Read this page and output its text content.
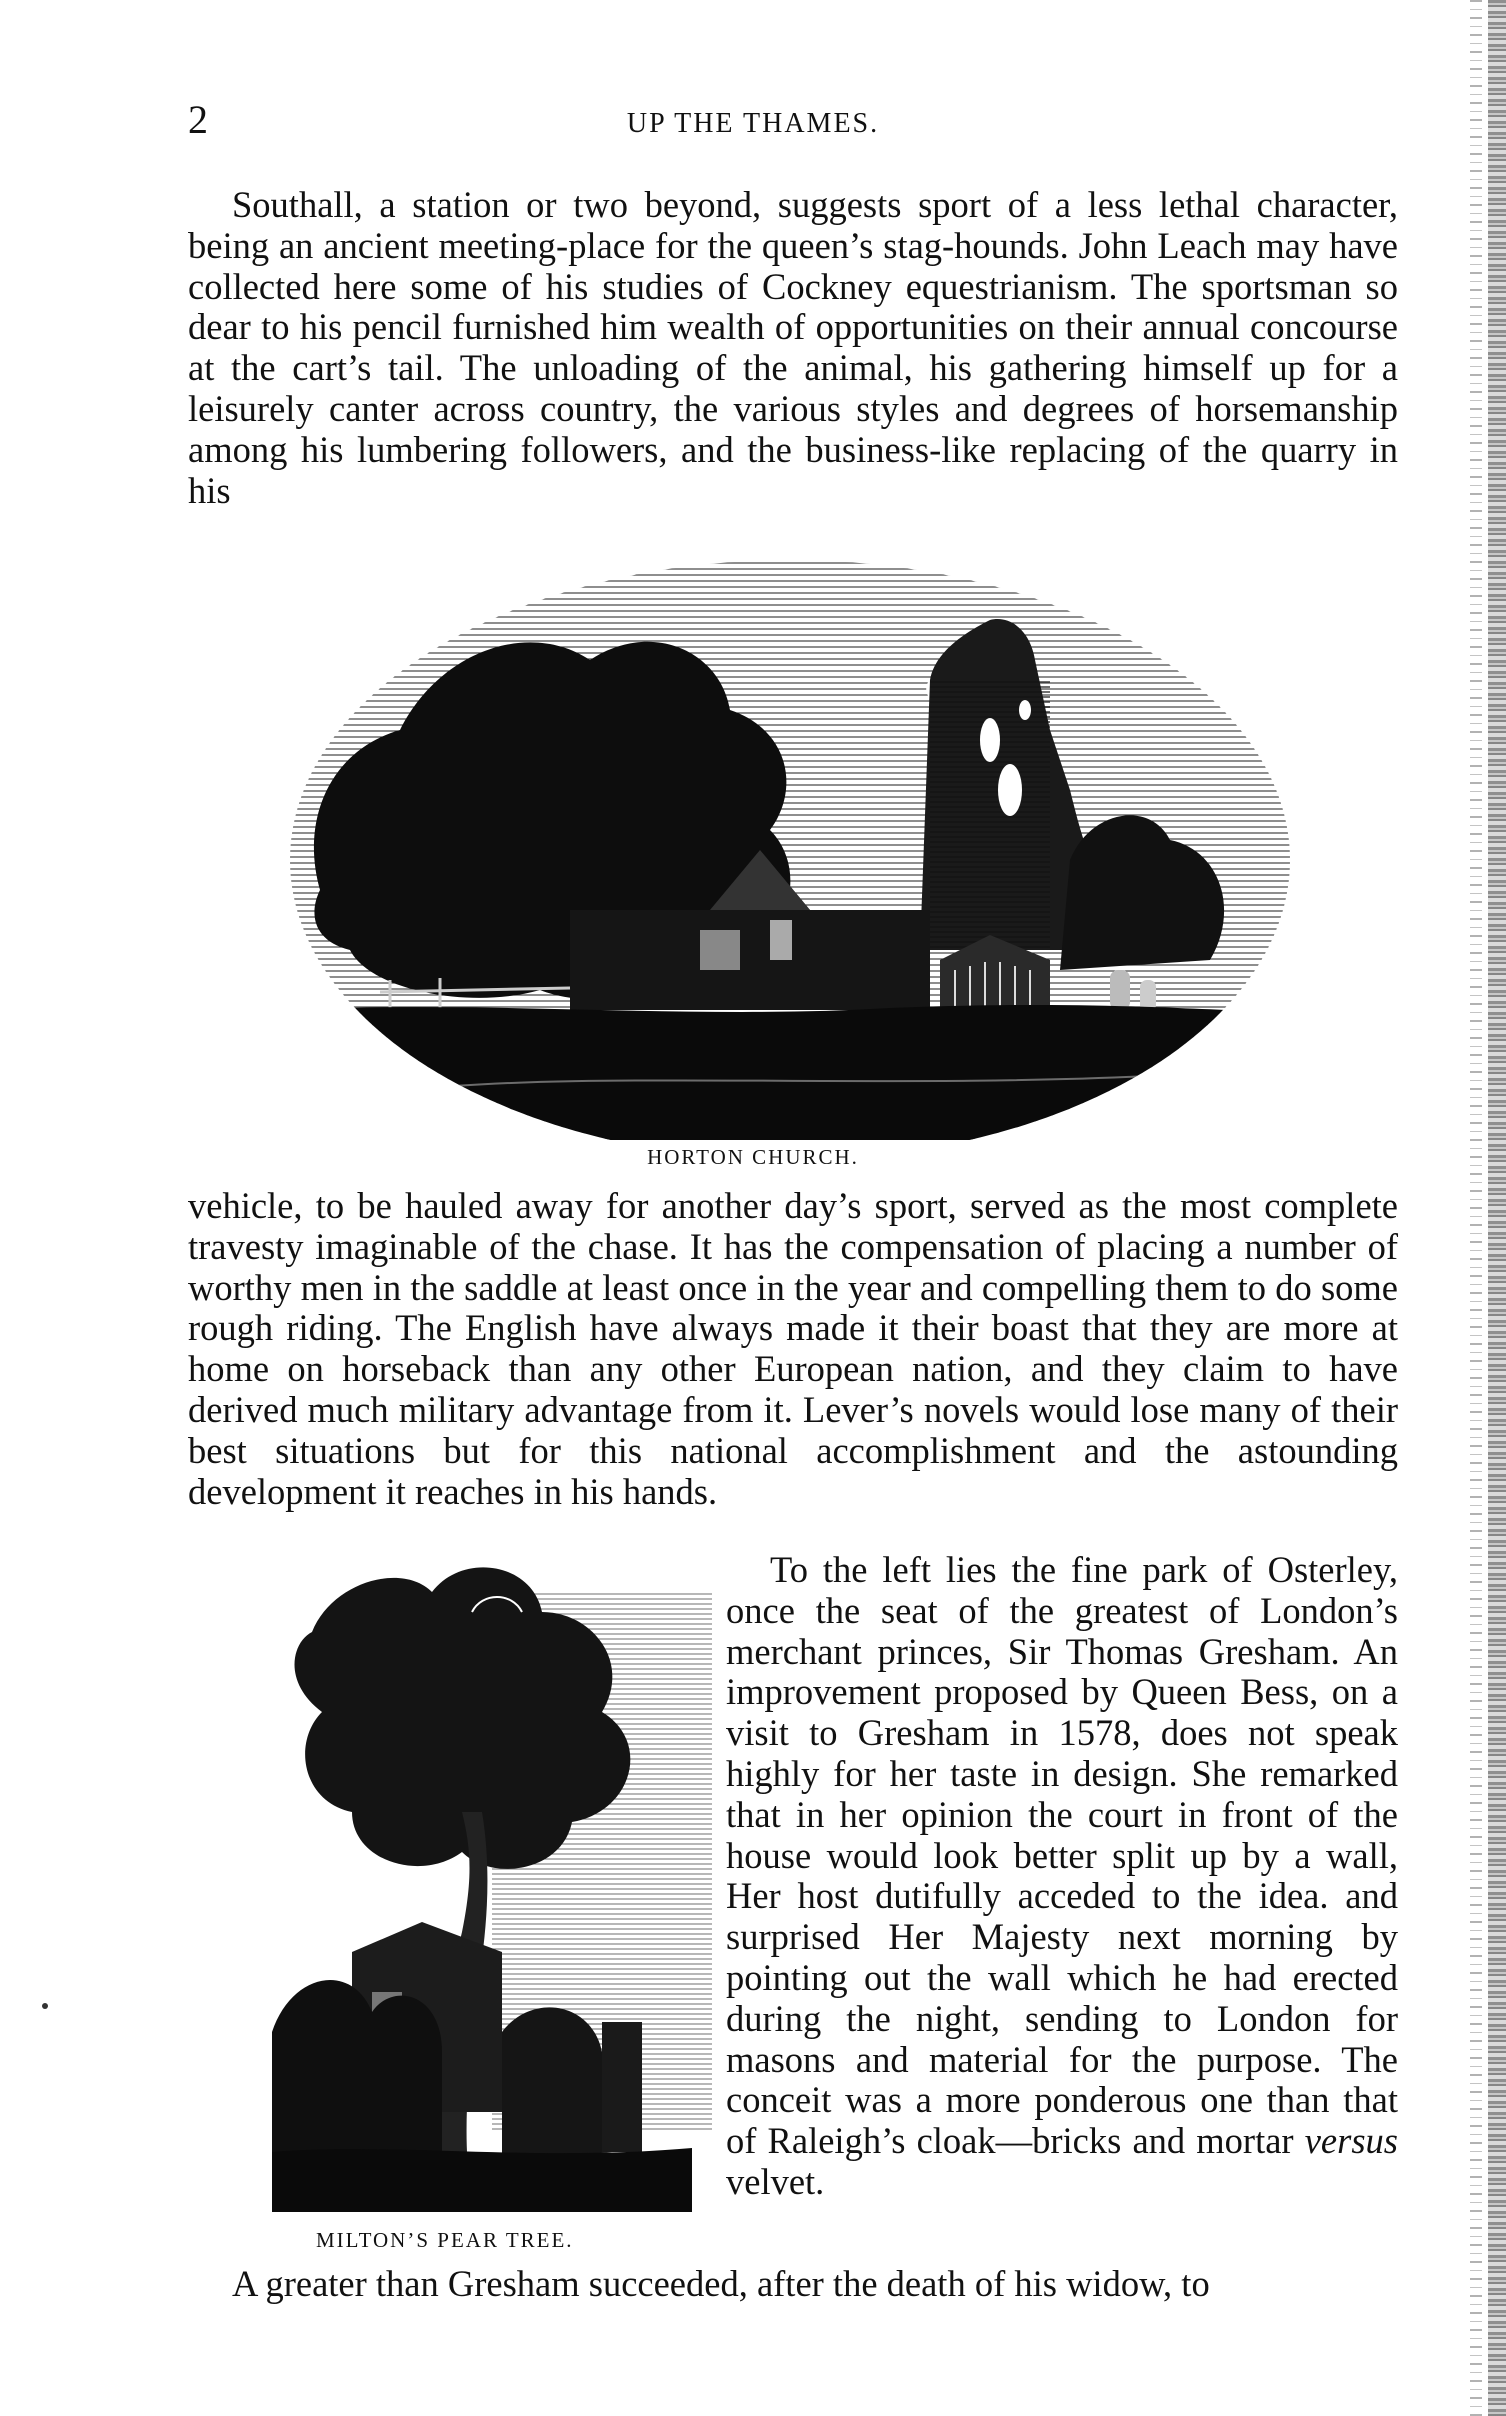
2	UP THE THAMES.

Southall, a station or two beyond, suggests sport of a less lethal character, being an ancient meeting-place for the queen’s stag-hounds. John Leach may have collected here some of his studies of Cockney equestrianism. The sportsman so dear to his pencil furnished him wealth of opportunities on their annual concourse at the cart’s tail. The unloading of the animal, his gathering himself up for a leisurely canter across country, the various styles and degrees of horsemanship among his lumbering followers, and the business-like replacing of the quarry in his

HORTON CHURCH.

vehicle, to be hauled away for another day’s sport, served as the most complete travesty imaginable of the chase. It has the compensation of placing a number of worthy men in the saddle at least once in the year and compelling them to do some rough riding. The English have always made it their boast that they are more at home on horseback than any other European nation, and they claim to have derived much military advantage from it. Lever’s novels would lose many of their best situations but for this national accomplishment and the astounding development it reaches in his hands.

MILTON’S PEAR TREE.

To the left lies the fine park of Osterley, once the seat of the greatest of London’s merchant princes, Sir Thomas Gresham. An improvement proposed by Queen Bess, on a visit to Gresham in 1578, does not speak highly for her taste in design. She remarked that in her opinion the court in front of the house would look better split up by a wall, Her host dutifully acceded to the idea. and surprised Her Majesty next morning by pointing out the wall which he had erected during the night, sending to London for masons and material for the purpose. The conceit was a more ponderous one than that of Raleigh’s cloak—bricks and mortar versus velvet.

A greater than Gresham succeeded, after the death of his widow, to
